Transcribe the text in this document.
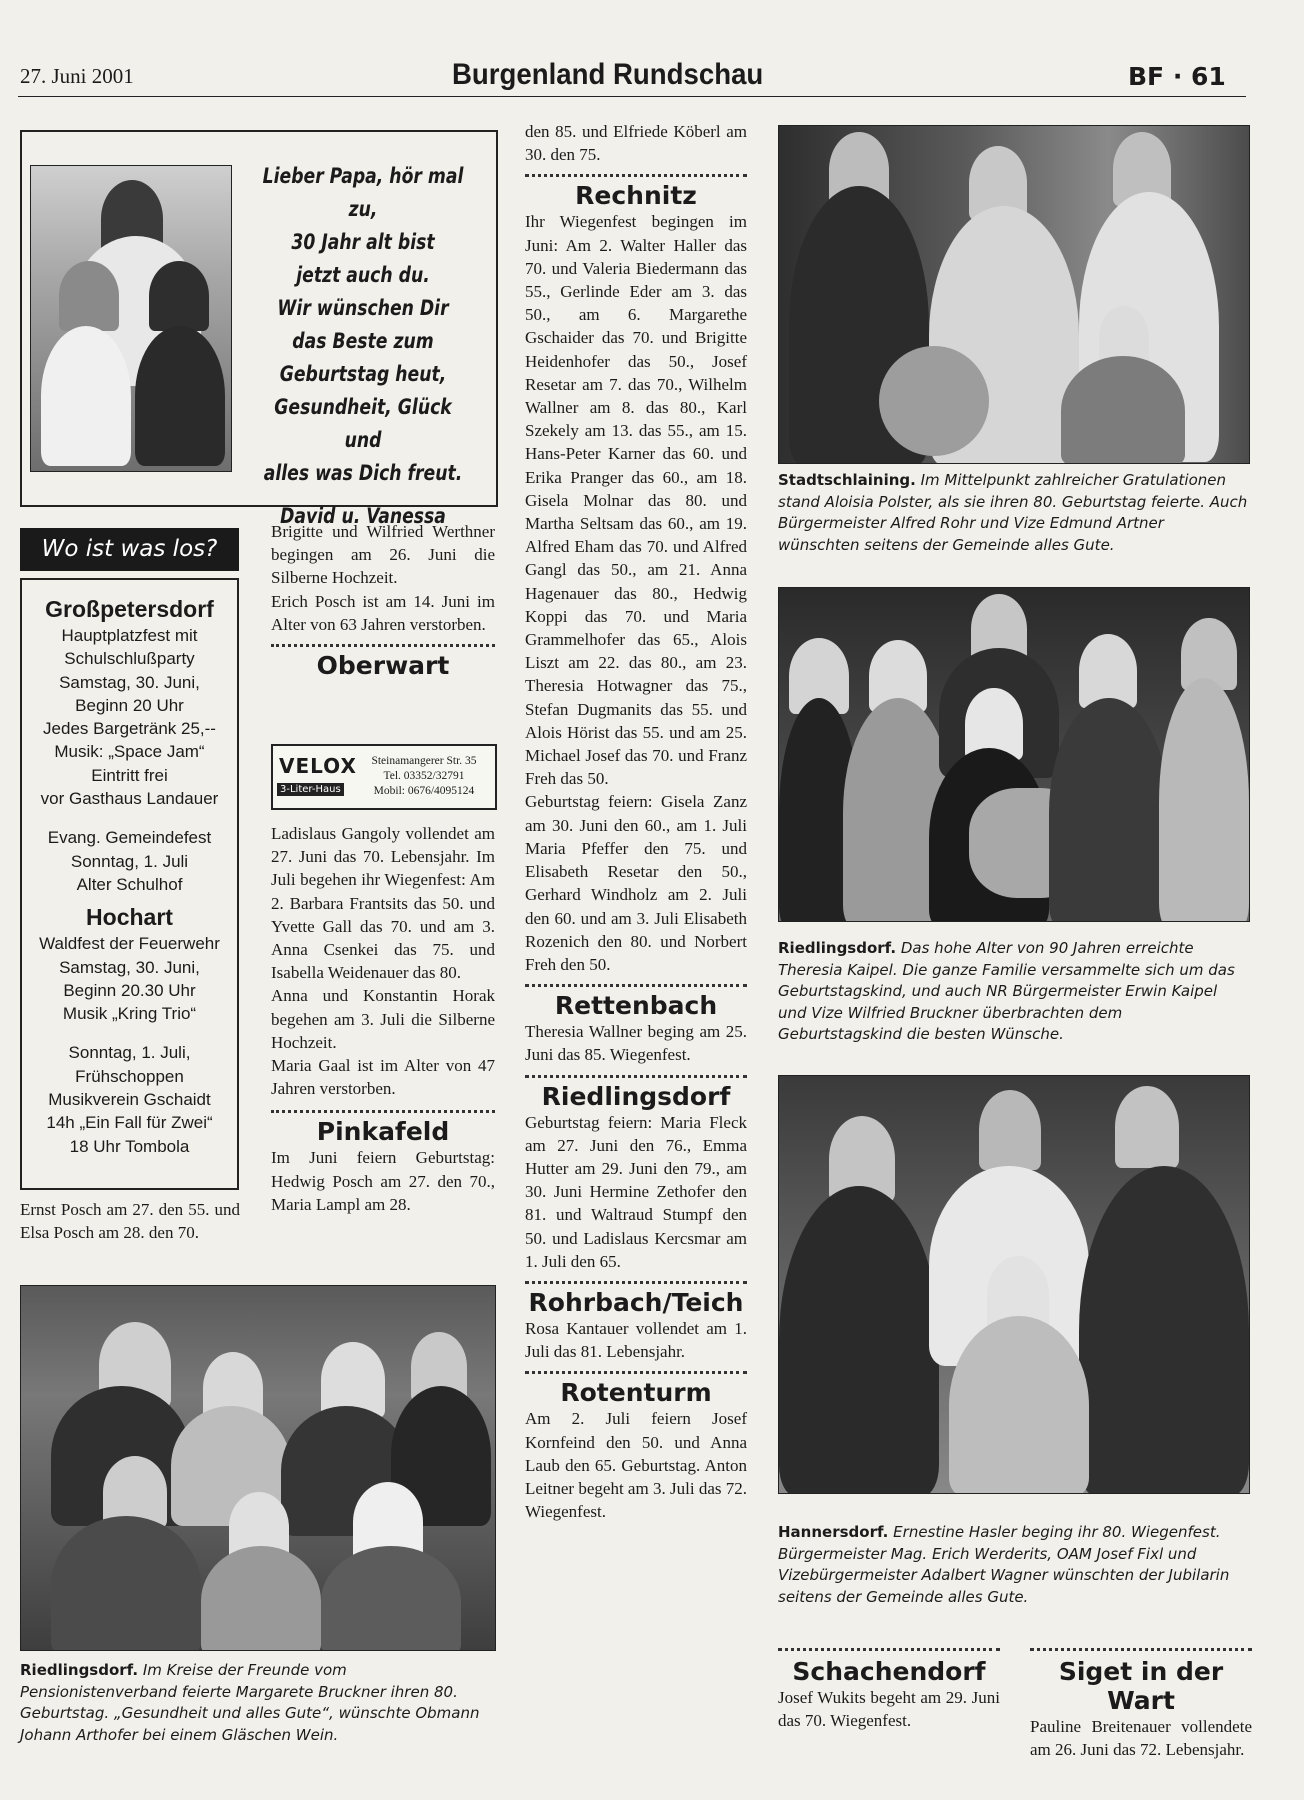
27. Juni 2001	Burgenland Rundschau	BF · 61
Lieber Papa, hör mal zu,
30 Jahr alt bist
jetzt auch du.
Wir wünschen Dir
das Beste zum
Geburtstag heut,
Gesundheit, Glück und
alles was Dich freut.
David u. Vanessa
Wo ist was los?
Großpetersdorf
Hauptplatzfest mit
Schulschlußparty
Samstag, 30. Juni,
Beginn 20 Uhr
Jedes Bargetränk 25,--
Musik: „Space Jam“
Eintritt frei
vor Gasthaus Landauer
Evang. Gemeindefest
Sonntag, 1. Juli
Alter Schulhof
Hochart
Waldfest der Feuerwehr
Samstag, 30. Juni,
Beginn 20.30 Uhr
Musik „Kring Trio“
Sonntag, 1. Juli,
Frühschoppen
Musikverein Gschaidt
14h „Ein Fall für Zwei“
18 Uhr Tombola
Ernst Posch am 27. den 55. und Elsa Posch am 28. den 70.
Brigitte und Wilfried Werthner begingen am 26. Juni die Silberne Hochzeit.
Erich Posch ist am 14. Juni im Alter von 63 Jahren verstorben.
Oberwart
VELOX
3-Liter-Haus
Steinamangerer Str. 35
Tel. 03352/32791
Mobil: 0676/4095124
Ladislaus Gangoly vollendet am 27. Juni das 70. Lebensjahr. Im Juli begehen ihr Wiegenfest: Am 2. Barbara Frantsits das 50. und Yvette Gall das 70. und am 3. Anna Csenkei das 75. und Isabella Weidenauer das 80.
Anna und Konstantin Horak begehen am 3. Juli die Silberne Hochzeit.
Maria Gaal ist im Alter von 47 Jahren verstorben.
Pinkafeld
Im Juni feiern Geburtstag: Hedwig Posch am 27. den 70., Maria Lampl am 28.
Riedlingsdorf. Im Kreise der Freunde vom Pensionistenverband feierte Margarete Bruckner ihren 80. Geburtstag. „Gesundheit und alles Gute“, wünschte Obmann Johann Arthofer bei einem Gläschen Wein.
den 85. und Elfriede Köberl am 30. den 75.
Rechnitz
Ihr Wiegenfest begingen im Juni: Am 2. Walter Haller das 70. und Valeria Biedermann das 55., Gerlinde Eder am 3. das 50., am 6. Margarethe Gschaider das 70. und Brigitte Heidenhofer das 50., Josef Resetar am 7. das 70., Wilhelm Wallner am 8. das 80., Karl Szekely am 13. das 55., am 15. Hans-Peter Karner das 60. und Erika Pranger das 60., am 18. Gisela Molnar das 80. und Martha Seltsam das 60., am 19. Alfred Eham das 70. und Alfred Gangl das 50., am 21. Anna Hagenauer das 80., Hedwig Koppi das 70. und Maria Grammelhofer das 65., Alois Liszt am 22. das 80., am 23. Theresia Hotwagner das 75., Stefan Dugmanits das 55. und Alois Hörist das 55. und am 25. Michael Josef das 70. und Franz Freh das 50.
Geburtstag feiern: Gisela Zanz am 30. Juni den 60., am 1. Juli Maria Pfeffer den 75. und Elisabeth Resetar den 50., Gerhard Windholz am 2. Juli den 60. und am 3. Juli Elisabeth Rozenich den 80. und Norbert Freh den 50.
Rettenbach
Theresia Wallner beging am 25. Juni das 85. Wiegenfest.
Riedlingsdorf
Geburtstag feiern: Maria Fleck am 27. Juni den 76., Emma Hutter am 29. Juni den 79., am 30. Juni Hermine Zethofer den 81. und Waltraud Stumpf den 50. und Ladislaus Kercsmar am 1. Juli den 65.
Rohrbach/Teich
Rosa Kantauer vollendet am 1. Juli das 81. Lebensjahr.
Rotenturm
Am 2. Juli feiern Josef Kornfeind den 50. und Anna Laub den 65. Geburtstag. Anton Leitner begeht am 3. Juli das 72. Wiegenfest.
Stadtschlaining. Im Mittelpunkt zahlreicher Gratulationen stand Aloisia Polster, als sie ihren 80. Geburtstag feierte. Auch Bürgermeister Alfred Rohr und Vize Edmund Artner wünschten seitens der Gemeinde alles Gute.
Riedlingsdorf. Das hohe Alter von 90 Jahren erreichte Theresia Kaipel. Die ganze Familie versammelte sich um das Geburtstagskind, und auch NR Bürgermeister Erwin Kaipel und Vize Wilfried Bruckner überbrachten dem Geburtstagskind die besten Wünsche.
Hannersdorf. Ernestine Hasler beging ihr 80. Wiegenfest. Bürgermeister Mag. Erich Werderits, OAM Josef Fixl und Vizebürgermeister Adalbert Wagner wünschten der Jubilarin seitens der Gemeinde alles Gute.
Schachendorf
Josef Wukits begeht am 29. Juni das 70. Wiegenfest.
Siget in der Wart
Pauline Breitenauer vollendete am 26. Juni das 72. Lebensjahr.
